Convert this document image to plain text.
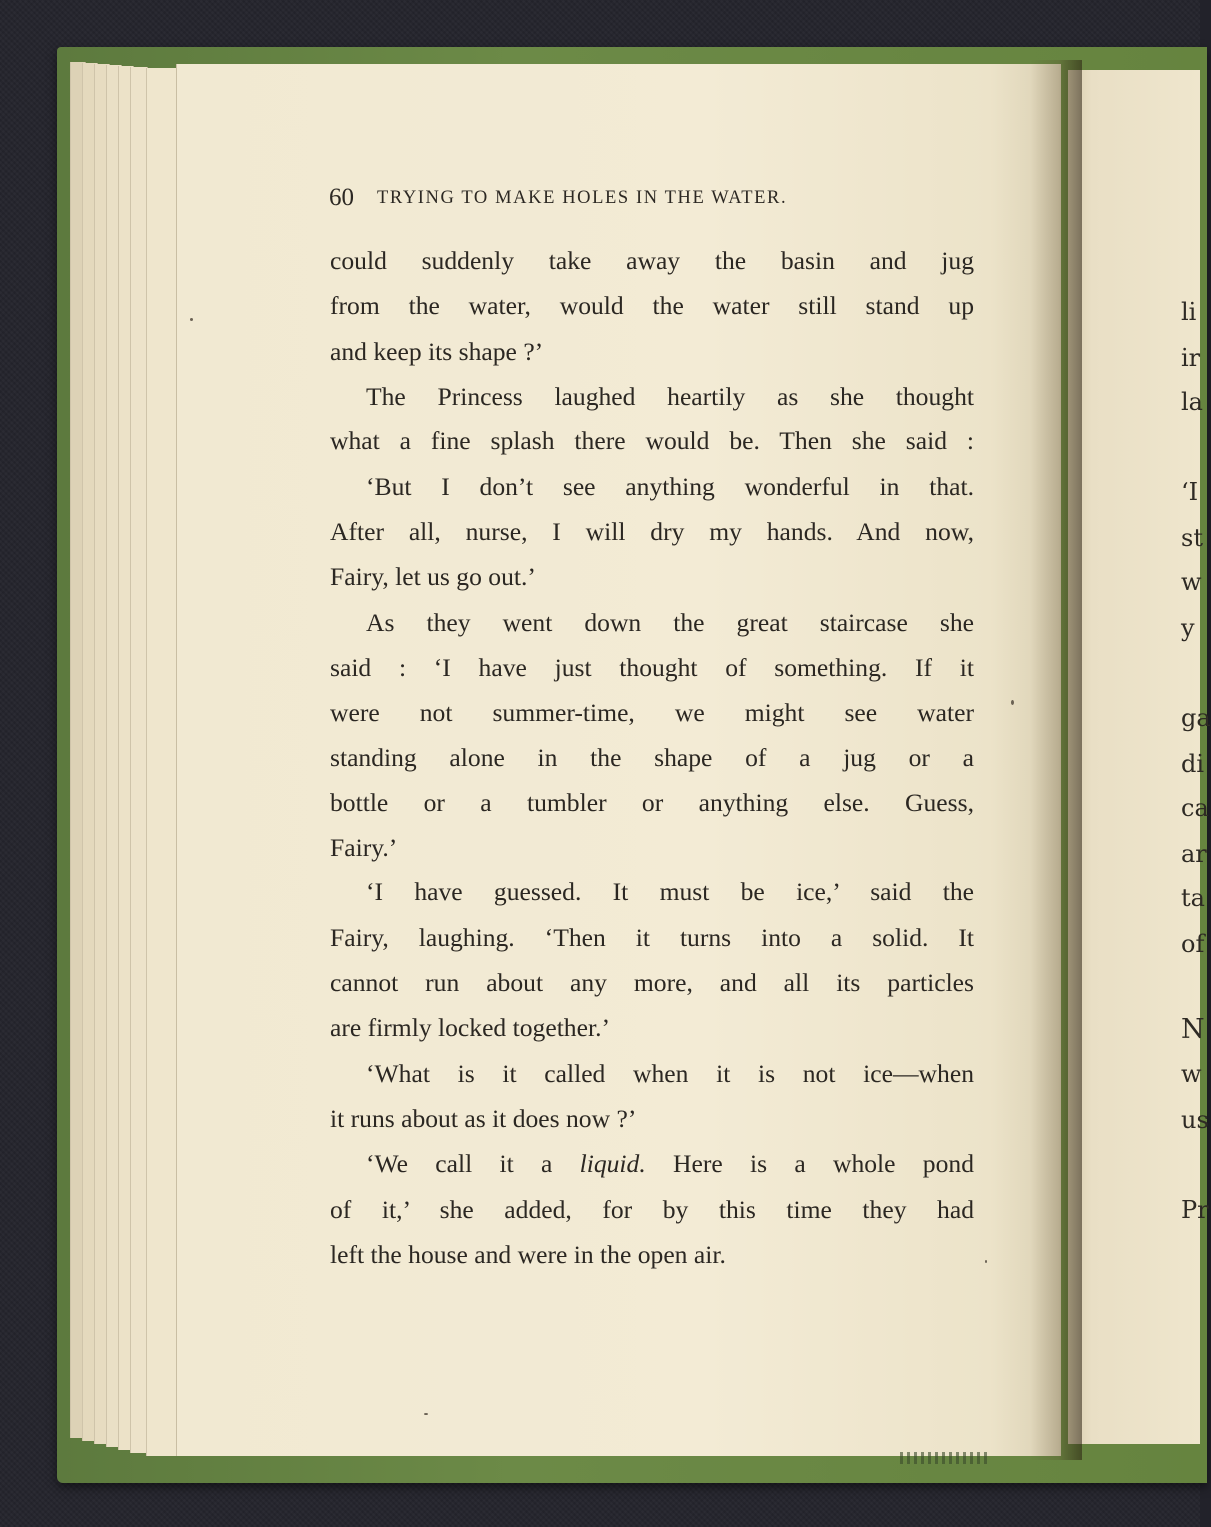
li
ir
la
‘I
st
w
y
ga
di
ca
ar
ta
of
N
w
us
Pr
60 TRYING TO MAKE HOLES IN THE WATER.
could suddenly take away the basin and jug
from the water, would the water still stand up
and keep its shape ?’
The Princess laughed heartily as she thought
what a fine splash there would be. Then she said :
‘But I don’t see anything wonderful in that.
After all, nurse, I will dry my hands. And now,
Fairy, let us go out.’
As they went down the great staircase she
said : ‘I have just thought of something. If it
were not summer-time, we might see water
standing alone in the shape of a jug or a
bottle or a tumbler or anything else. Guess,
Fairy.’
‘I have guessed. It must be ice,’ said the
Fairy, laughing. ‘Then it turns into a solid. It
cannot run about any more, and all its particles
are firmly locked together.’
‘What is it called when it is not ice—when
it runs about as it does now ?’
‘We call it a liquid. Here is a whole pond
of it,’ she added, for by this time they had
left the house and were in the open air.
